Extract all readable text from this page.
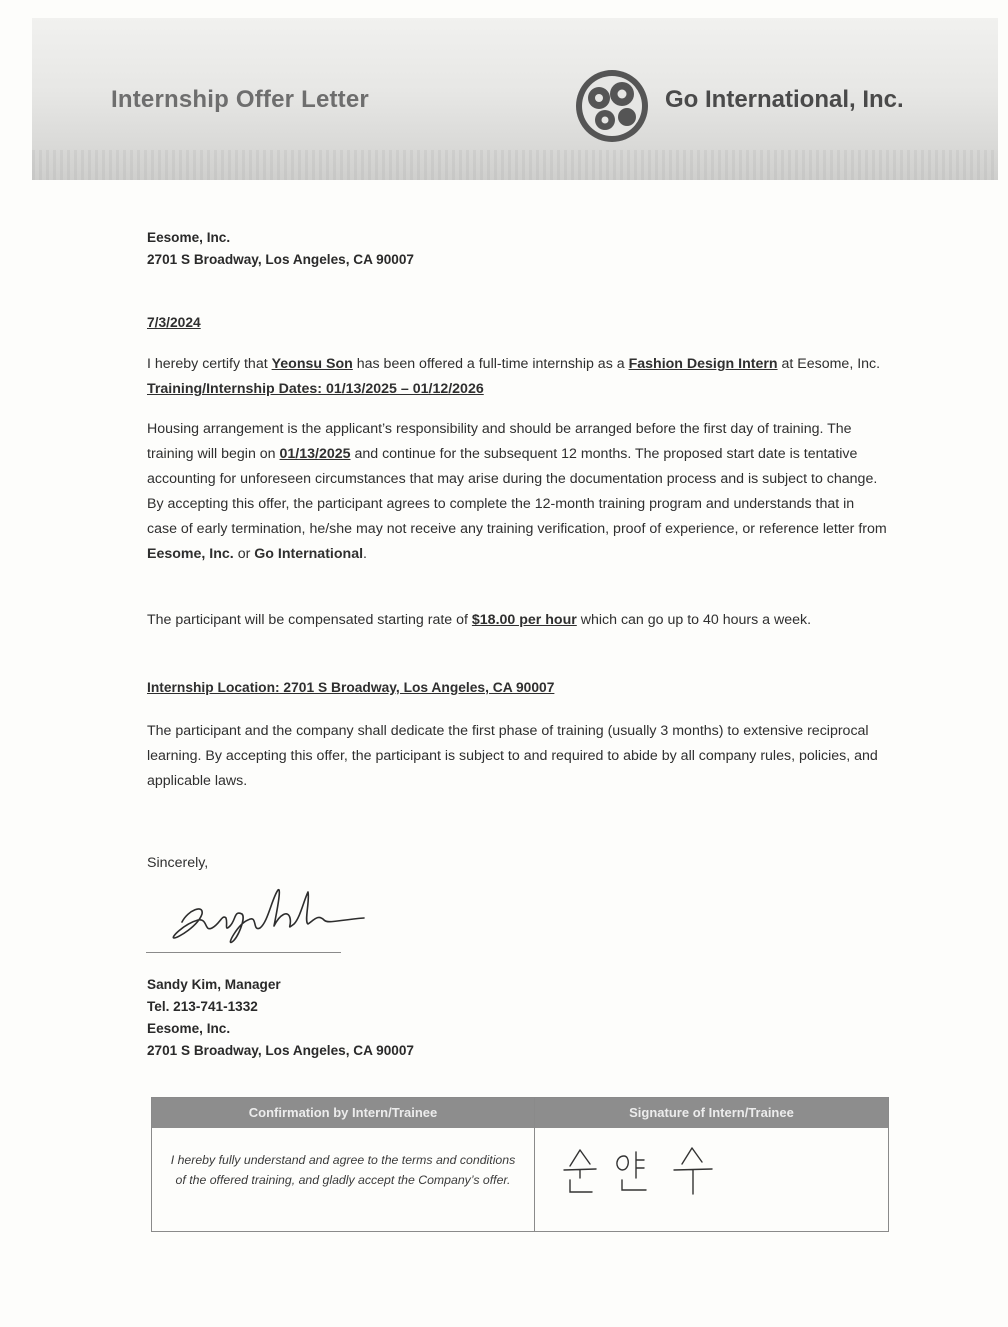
Internship Offer Letter	Go International, Inc.
Eesome, Inc.
2701 S Broadway, Los Angeles, CA 90007
7/3/2024
I hereby certify that Yeonsu Son has been offered a full-time internship as a Fashion Design Intern at Eesome, Inc. Training/Internship Dates: 01/13/2025 – 01/12/2026
Housing arrangement is the applicant’s responsibility and should be arranged before the first day of training. The training will begin on 01/13/2025 and continue for the subsequent 12 months. The proposed start date is tentative accounting for unforeseen circumstances that may arise during the documentation process and is subject to change. By accepting this offer, the participant agrees to complete the 12-month training program and understands that in case of early termination, he/she may not receive any training verification, proof of experience, or reference letter from Eesome, Inc. or Go International.
The participant will be compensated starting rate of $18.00 per hour which can go up to 40 hours a week.
Internship Location: 2701 S Broadway, Los Angeles, CA 90007
The participant and the company shall dedicate the first phase of training (usually 3 months) to extensive reciprocal learning. By accepting this offer, the participant is subject to and required to abide by all company rules, policies, and applicable laws.
Sincerely,
Sandy Kim, Manager
Tel. 213-741-1332
Eesome, Inc.
2701 S Broadway, Los Angeles, CA 90007
Confirmation by Intern/Trainee	Signature of Intern/Trainee
I hereby fully understand and agree to the terms and conditions of the offered training, and gladly accept the Company’s offer.
